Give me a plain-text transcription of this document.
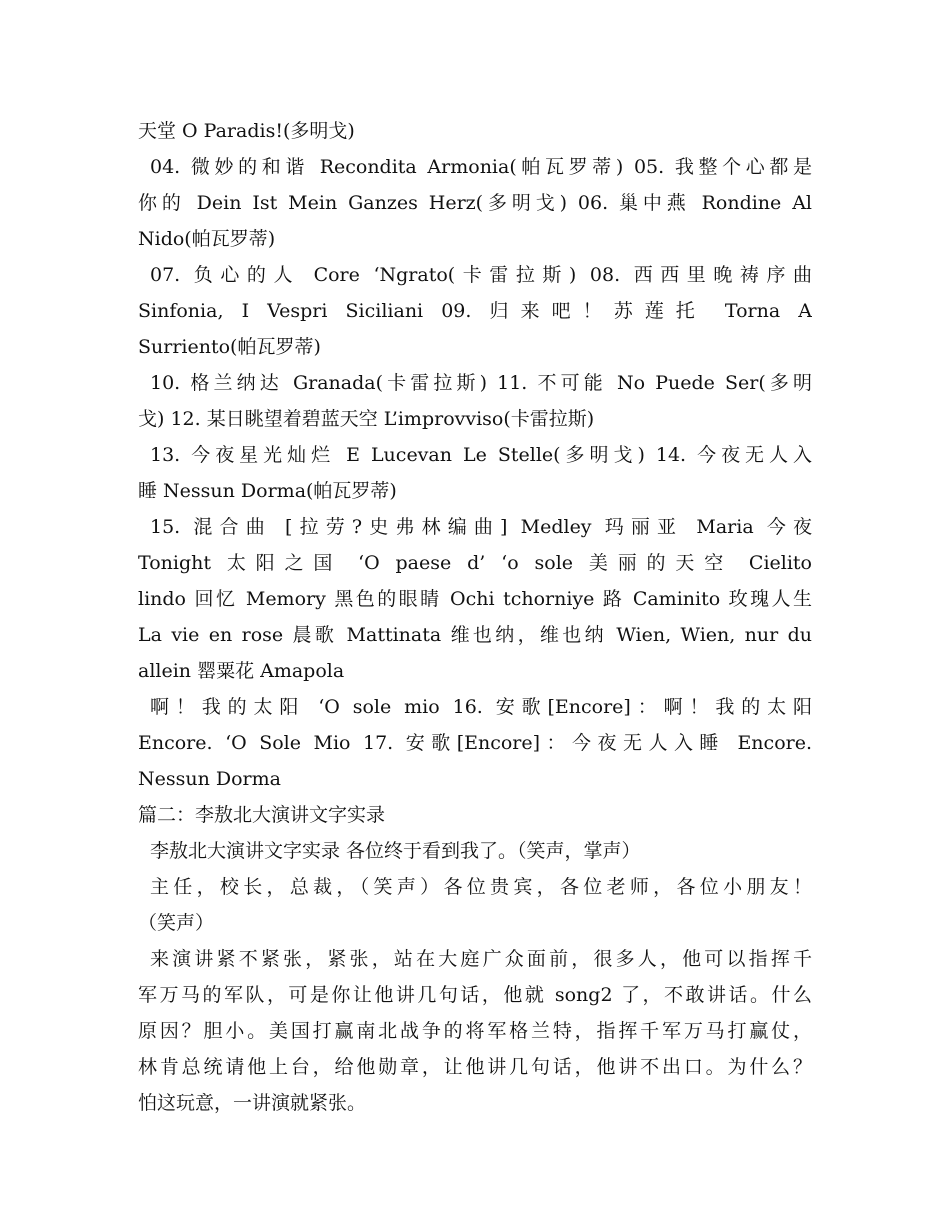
天堂 O Paradis!(多明戈)
04. 微妙的和谐 Recondita Armonia(帕瓦罗蒂) 05. 我整个心都是
你的 Dein Ist Mein Ganzes Herz(多明戈) 06. 巢中燕 Rondine Al
Nido(帕瓦罗蒂)
07. 负心的人 Core ‘Ngrato(卡雷拉斯) 08. 西西里晚祷序曲
Sinfonia, I Vespri Siciliani 09. 归来吧！苏莲托 Torna A
Surriento(帕瓦罗蒂)
10. 格兰纳达 Granada(卡雷拉斯) 11. 不可能 No Puede Ser(多明
戈) 12. 某日眺望着碧蓝天空 L’improvviso(卡雷拉斯)
13. 今夜星光灿烂 E Lucevan Le Stelle(多明戈) 14. 今夜无人入
睡 Nessun Dorma(帕瓦罗蒂)
15. 混合曲 [拉劳?史弗林编曲] Medley 玛丽亚 Maria 今夜
Tonight 太阳之国 ‘O paese d’ ‘o sole 美丽的天空 Cielito
lindo 回忆 Memory 黑色的眼睛 Ochi tchorniye 路 Caminito 玫瑰人生
La vie en rose 晨歌 Mattinata 维也纳，维也纳 Wien, Wien, nur du
allein 罂粟花 Amapola
啊！我的太阳 ‘O sole mio 16. 安歌[Encore]：啊！我的太阳
Encore. ‘O Sole Mio 17. 安歌[Encore]：今夜无人入睡 Encore.
Nessun Dorma
篇二：李敖北大演讲文字实录
李敖北大演讲文字实录 各位终于看到我了。（笑声，掌声）
主任，校长，总裁，（笑声）各位贵宾，各位老师，各位小朋友！
（笑声）
来演讲紧不紧张，紧张，站在大庭广众面前，很多人，他可以指挥千
军万马的军队，可是你让他讲几句话，他就 song2 了，不敢讲话。什么
原因？胆小。美国打赢南北战争的将军格兰特，指挥千军万马打赢仗，
林肯总统请他上台，给他勋章，让他讲几句话，他讲不出口。为什么？
怕这玩意，一讲演就紧张。
